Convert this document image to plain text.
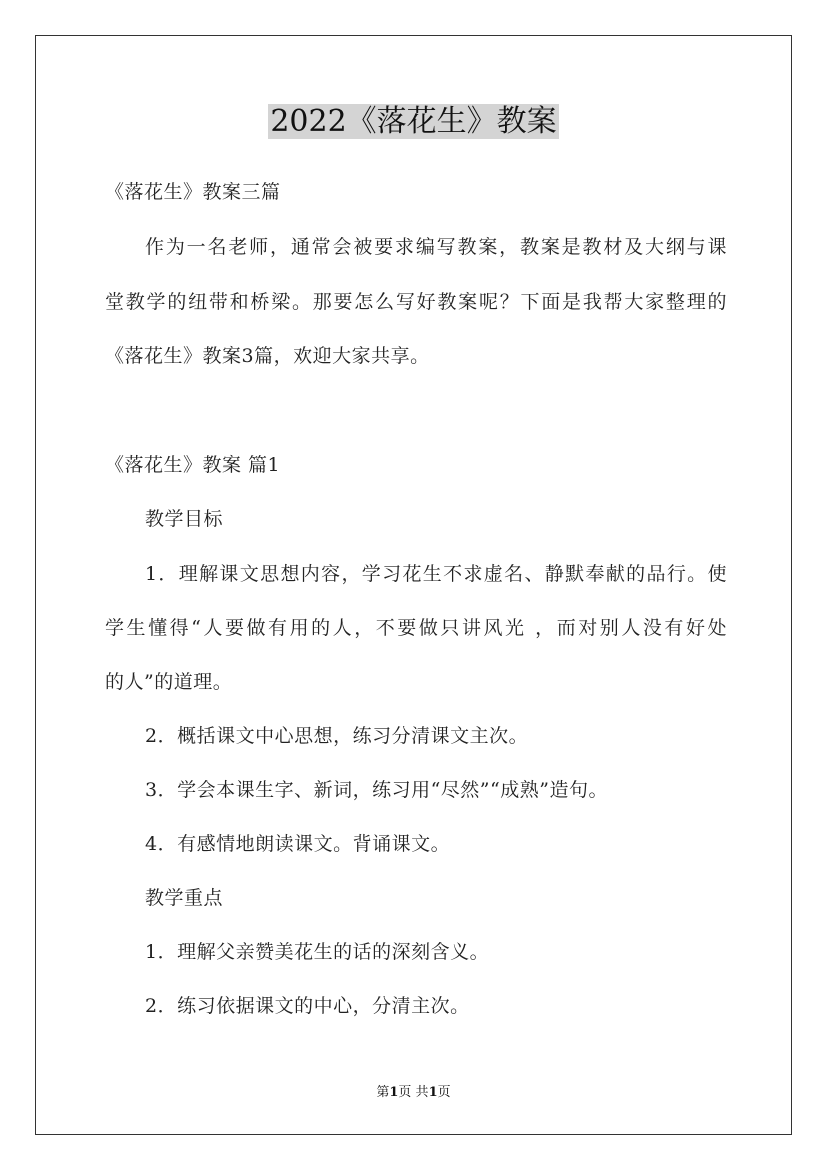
2022《落花生》教案
《落花生》教案三篇
作为一名老师，通常会被要求编写教案，教案是教材及大纲与课
堂教学的纽带和桥梁。那要怎么写好教案呢？下面是我帮大家整理的
《落花生》教案3篇，欢迎大家共享。
《落花生》教案 篇1
教学目标
1．理解课文思想内容，学习花生不求虚名、静默奉献的品行。使
学生懂得“人要做有用的人，不要做只讲风光 ，而对别人没有好处
的人”的道理。
2．概括课文中心思想，练习分清课文主次。
3．学会本课生字、新词，练习用“尽然”“成熟”造句。
4．有感情地朗读课文。背诵课文。
教学重点
1．理解父亲赞美花生的话的深刻含义。
2．练习依据课文的中心，分清主次。
第1页 共1页
